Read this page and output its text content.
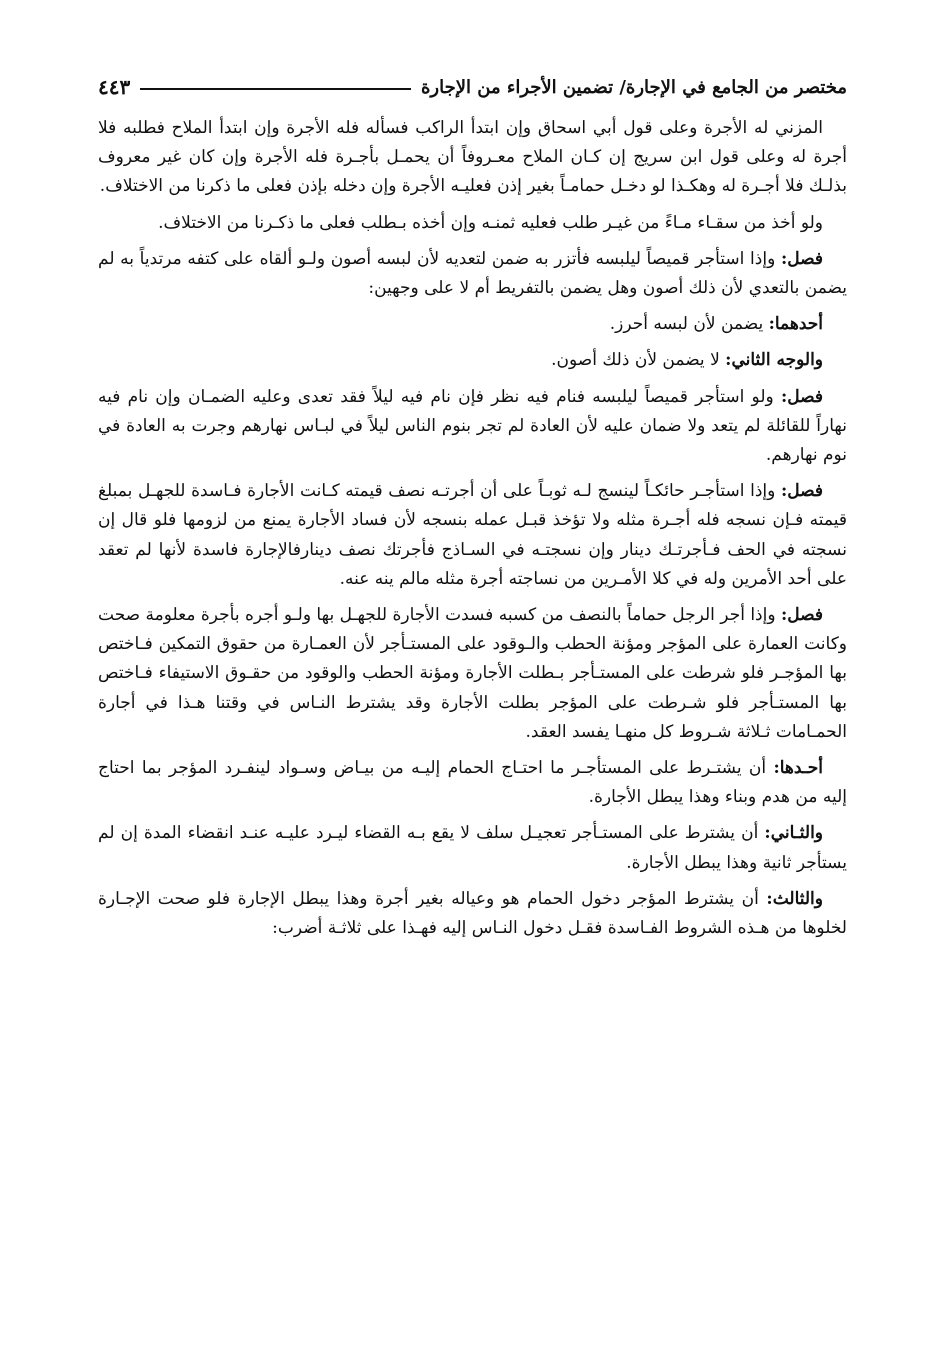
مختصر من الجامع في الإجارة/ تضمين الأجراء من الإجارة
٤٤٣

المزني له الأجرة وعلى قول أبي اسحاق وإن ابتدأ الراكب فسأله فله الأجرة وإن ابتدأ الملاح فطلبه فلا أجرة له وعلى قول ابن سريج إن كـان الملاح معـروفاً أن يحمـل بأجـرة فله الأجرة وإن كان غير معروف بذلـك فلا أجـرة له وهكـذا لو دخـل حمامـاً بغير إذن فعليـه الأجرة وإن دخله بإذن فعلى ما ذكرنا من الاختلاف.

ولو أخذ من سقـاء مـاءً من غيـر طلب فعليه ثمنـه وإن أخذه بـطلب فعلى ما ذكـرنا من الاختلاف.

فصل: وإذا استأجر قميصاً ليلبسه فأتزر به ضمن لتعديه لأن لبسه أصون ولـو ألقاه على كتفه مرتدياً به لم يضمن بالتعدي لأن ذلك أصون وهل يضمن بالتفريط أم لا على وجهين:

أحدهما: يضمن لأن لبسه أحرز.

والوجه الثاني: لا يضمن لأن ذلك أصون.

فصل: ولو استأجر قميصاً ليلبسه فنام فيه نظر فإن نام فيه ليلاً فقد تعدى وعليه الضمـان وإن نام فيه نهاراً للقائلة لم يتعد ولا ضمان عليه لأن العادة لم تجر بنوم الناس ليلاً في لبـاس نهارهم وجرت به العادة في نوم نهارهم.

فصل: وإذا استأجـر حائكـاً لينسج لـه ثوبـاً على أن أجرتـه نصف قيمته كـانت الأجارة فـاسدة للجهـل بمبلغ قيمته فـإن نسجه فله أجـرة مثله ولا تؤخذ قبـل عمله بنسجه لأن فساد الأجارة يمنع من لزومها فلو قال إن نسجته في الحف فـأجرتـك دينار وإن نسجتـه في السـاذج فأجرتك نصف دينارفالإجارة فاسدة لأنها لم تعقد على أحد الأمرين وله في كلا الأمـرين من نساجته أجرة مثله مالم ينه عنه.

فصل: وإذا أجر الرجل حماماً بالنصف من كسبه فسدت الأجارة للجهـل بها ولـو أجره بأجرة معلومة صحت وكانت العمارة على المؤجر ومؤنة الحطب والـوقود على المستـأجر لأن العمـارة من حقوق التمكين فـاختص بها المؤجـر فلو شرطت على المستـأجر بـطلت الأجارة ومؤنة الحطب والوقود من حقـوق الاستيفاء فـاختص بها المستـأجر فلو شـرطت على المؤجر بطلت الأجارة وقد يشترط النـاس في وقتنا هـذا في أجارة الحمـامات ثـلاثة شـروط كل منهـا يفسد العقد.

أحـدها: أن يشتـرط على المستأجـر ما احتـاج الحمام إليـه من بيـاض وسـواد لينفـرد المؤجر بما احتاج إليه من هدم وبناء وهذا يبطل الأجارة.

والثـاني: أن يشترط على المستـأجر تعجيـل سلف لا يقع بـه القضاء ليـرد عليـه عنـد انقضاء المدة إن لم يستأجر ثانية وهذا يبطل الأجارة.

والثالث: أن يشترط المؤجر دخول الحمام هو وعياله بغير أجرة وهذا يبطل الإجارة فلو صحت الإجـارة لخلوها من هـذه الشروط الفـاسدة فقـل دخول النـاس إليه فهـذا على ثلاثـة أضرب:
